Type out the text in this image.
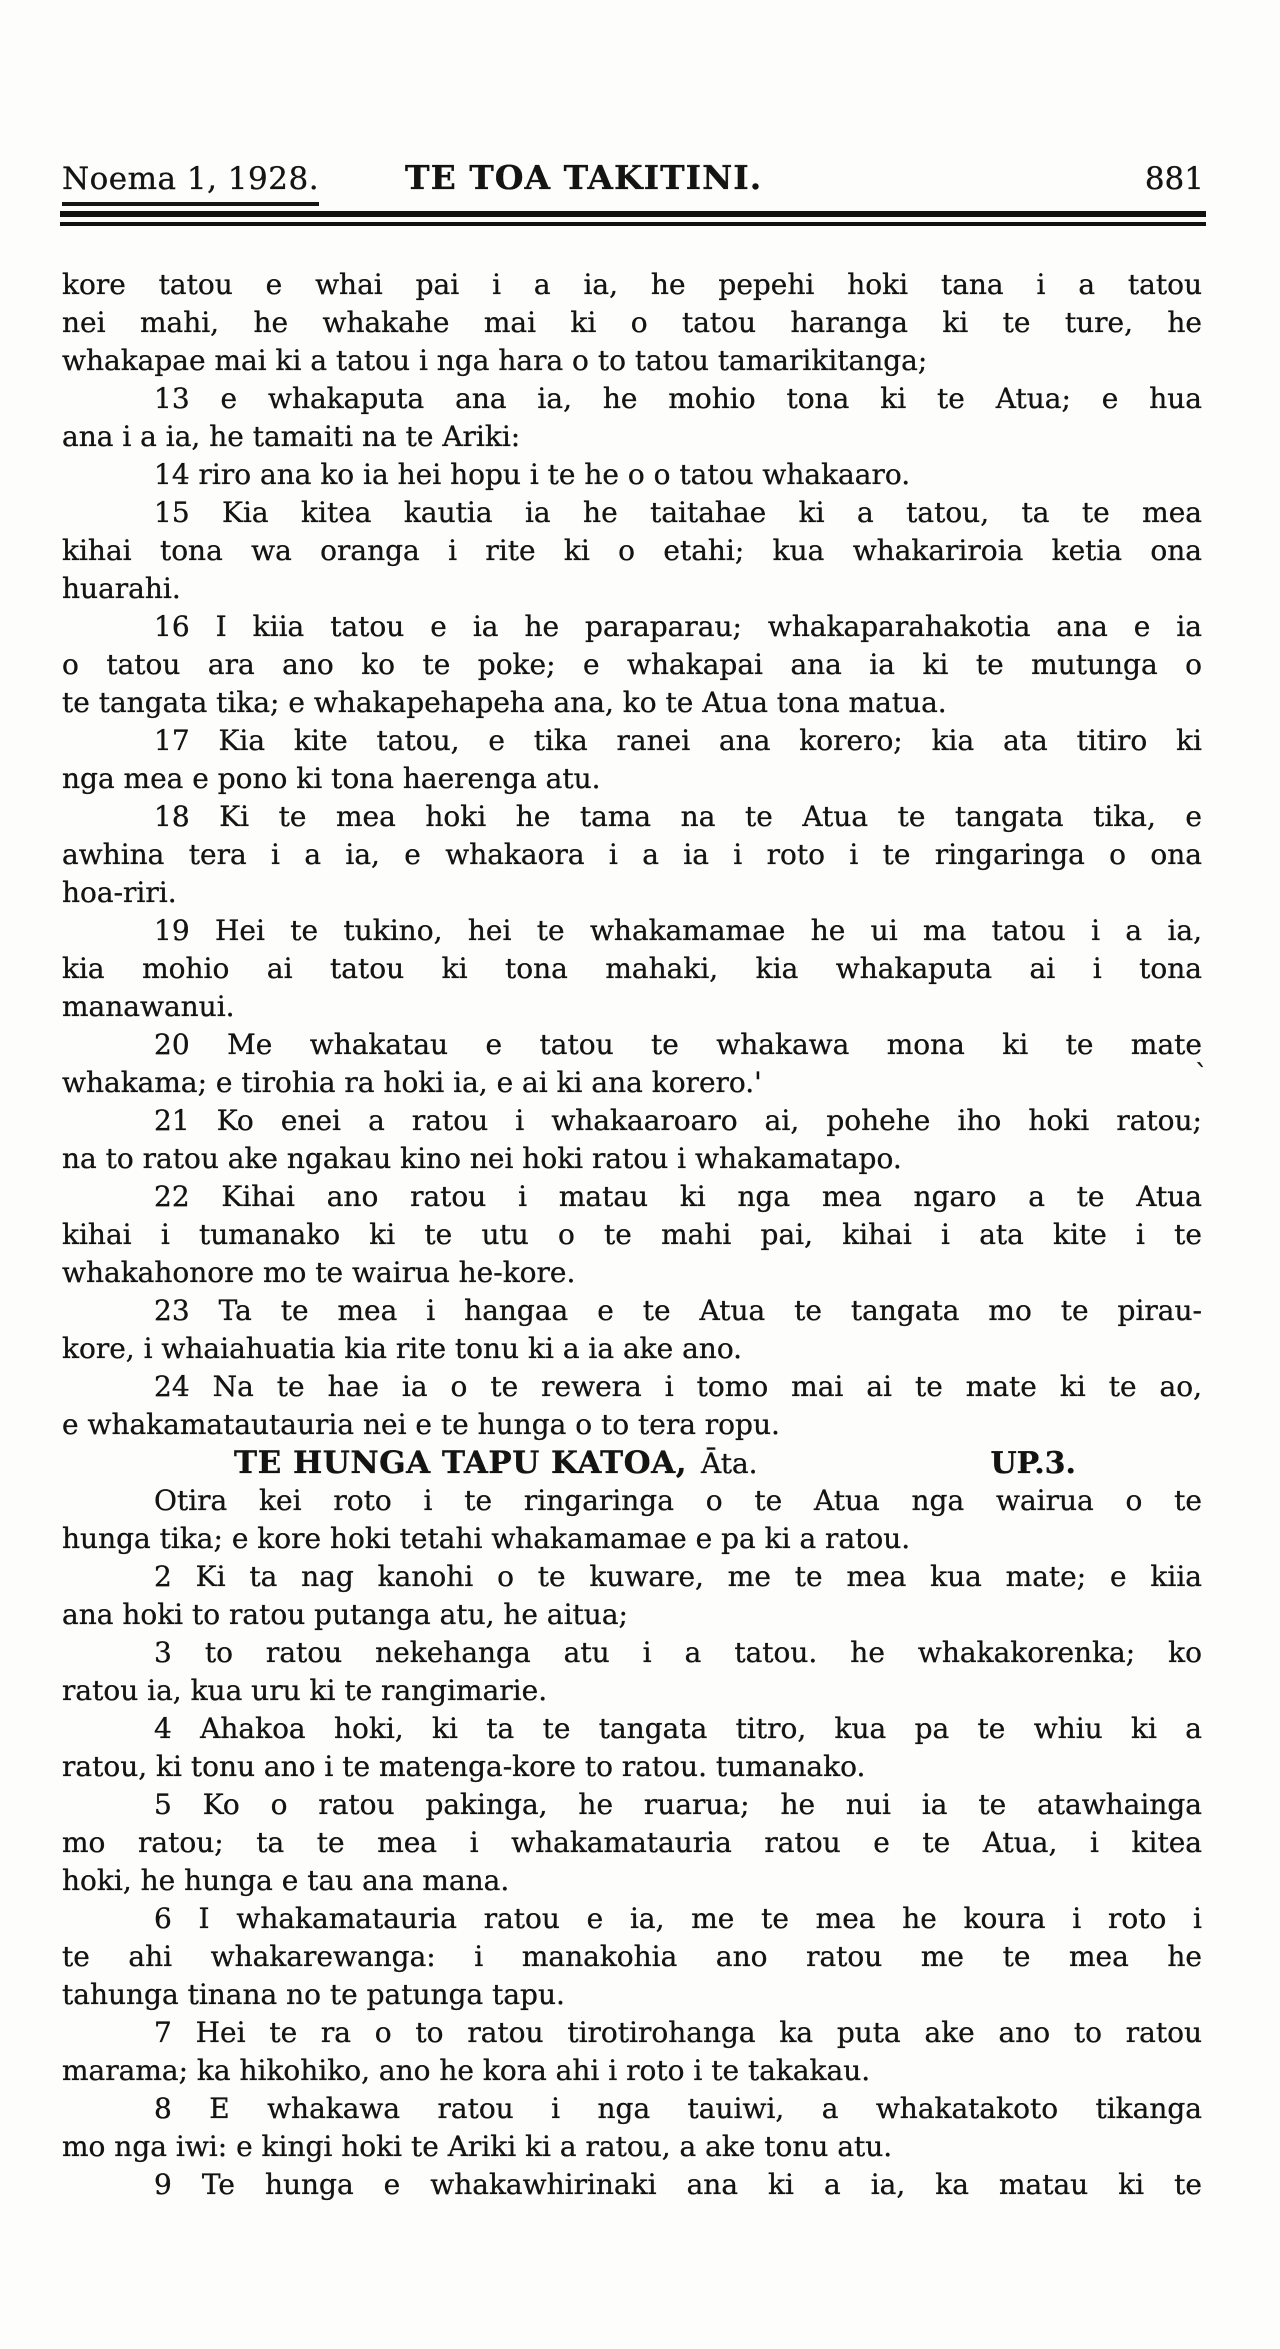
Noema 1, 1928.	TE TOA TAKITINI.	881
kore tatou e whai pai i a ia, he pepehi hoki tana i a tatou
nei mahi, he whakahe mai ki o tatou haranga ki te ture, he
whakapae mai ki a tatou i nga hara o to tatou tamarikitanga;
13 e whakaputa ana ia, he mohio tona ki te Atua; e hua
ana i a ia, he tamaiti na te Ariki:
14 riro ana ko ia hei hopu i te he o o tatou whakaaro.
15 Kia kitea kautia ia he taitahae ki a tatou, ta te mea
kihai tona wa oranga i rite ki o etahi; kua whakariroia ketia ona
huarahi.
16 I kiia tatou e ia he paraparau; whakaparahakotia ana e ia
o tatou ara ano ko te poke; e whakapai ana ia ki te mutunga o
te tangata tika; e whakapehapeha ana, ko te Atua tona matua.
17 Kia kite tatou, e tika ranei ana korero; kia ata titiro ki
nga mea e pono ki tona haerenga atu.
18 Ki te mea hoki he tama na te Atua te tangata tika, e
awhina tera i a ia, e whakaora i a ia i roto i te ringaringa o ona
hoa-riri.
19 Hei te tukino, hei te whakamamae he ui ma tatou i a ia,
kia mohio ai tatou ki tona mahaki, kia whakaputa ai i tona
manawanui.
20 Me whakatau e tatou te whakawa mona ki te mate
whakama; e tirohia ra hoki ia, e ai ki ana korero.'	`
21 Ko enei a ratou i whakaaroaro ai, pohehe iho hoki ratou;
na to ratou ake ngakau kino nei hoki ratou i whakamatapo.
22 Kihai ano ratou i matau ki nga mea ngaro a te Atua
kihai i tumanako ki te utu o te mahi pai, kihai i ata kite i te
whakahonore mo te wairua he-kore.
23 Ta te mea i hangaa e te Atua te tangata mo te pirau-
kore, i whaiahuatia kia rite tonu ki a ia ake ano.
24 Na te hae ia o te rewera i tomo mai ai te mate ki te ao,
e whakamatautauria nei e te hunga o to tera ropu.
TE HUNGA TAPU KATOA, Āta.	UP.3.
Otira kei roto i te ringaringa o te Atua nga wairua o te
hunga tika; e kore hoki tetahi whakamamae e pa ki a ratou.
2 Ki ta nag kanohi o te kuware, me te mea kua mate; e kiia
ana hoki to ratou putanga atu, he aitua;
3 to ratou nekehanga atu i a tatou. he whakakorenka; ko
ratou ia, kua uru ki te rangimarie.
4 Ahakoa hoki, ki ta te tangata titro, kua pa te whiu ki a
ratou, ki tonu ano i te matenga-kore to ratou. tumanako.
5 Ko o ratou pakinga, he ruarua; he nui ia te atawhainga
mo ratou; ta te mea i whakamatauria ratou e te Atua, i kitea
hoki, he hunga e tau ana mana.
6 I whakamatauria ratou e ia, me te mea he koura i roto i
te ahi whakarewanga: i manakohia ano ratou me te mea he
tahunga tinana no te patunga tapu.
7 Hei te ra o to ratou tirotirohanga ka puta ake ano to ratou
marama; ka hikohiko, ano he kora ahi i roto i te takakau.
8 E whakawa ratou i nga tauiwi, a whakatakoto tikanga
mo nga iwi: e kingi hoki te Ariki ki a ratou, a ake tonu atu.
9 Te hunga e whakawhirinaki ana ki a ia, ka matau ki te
